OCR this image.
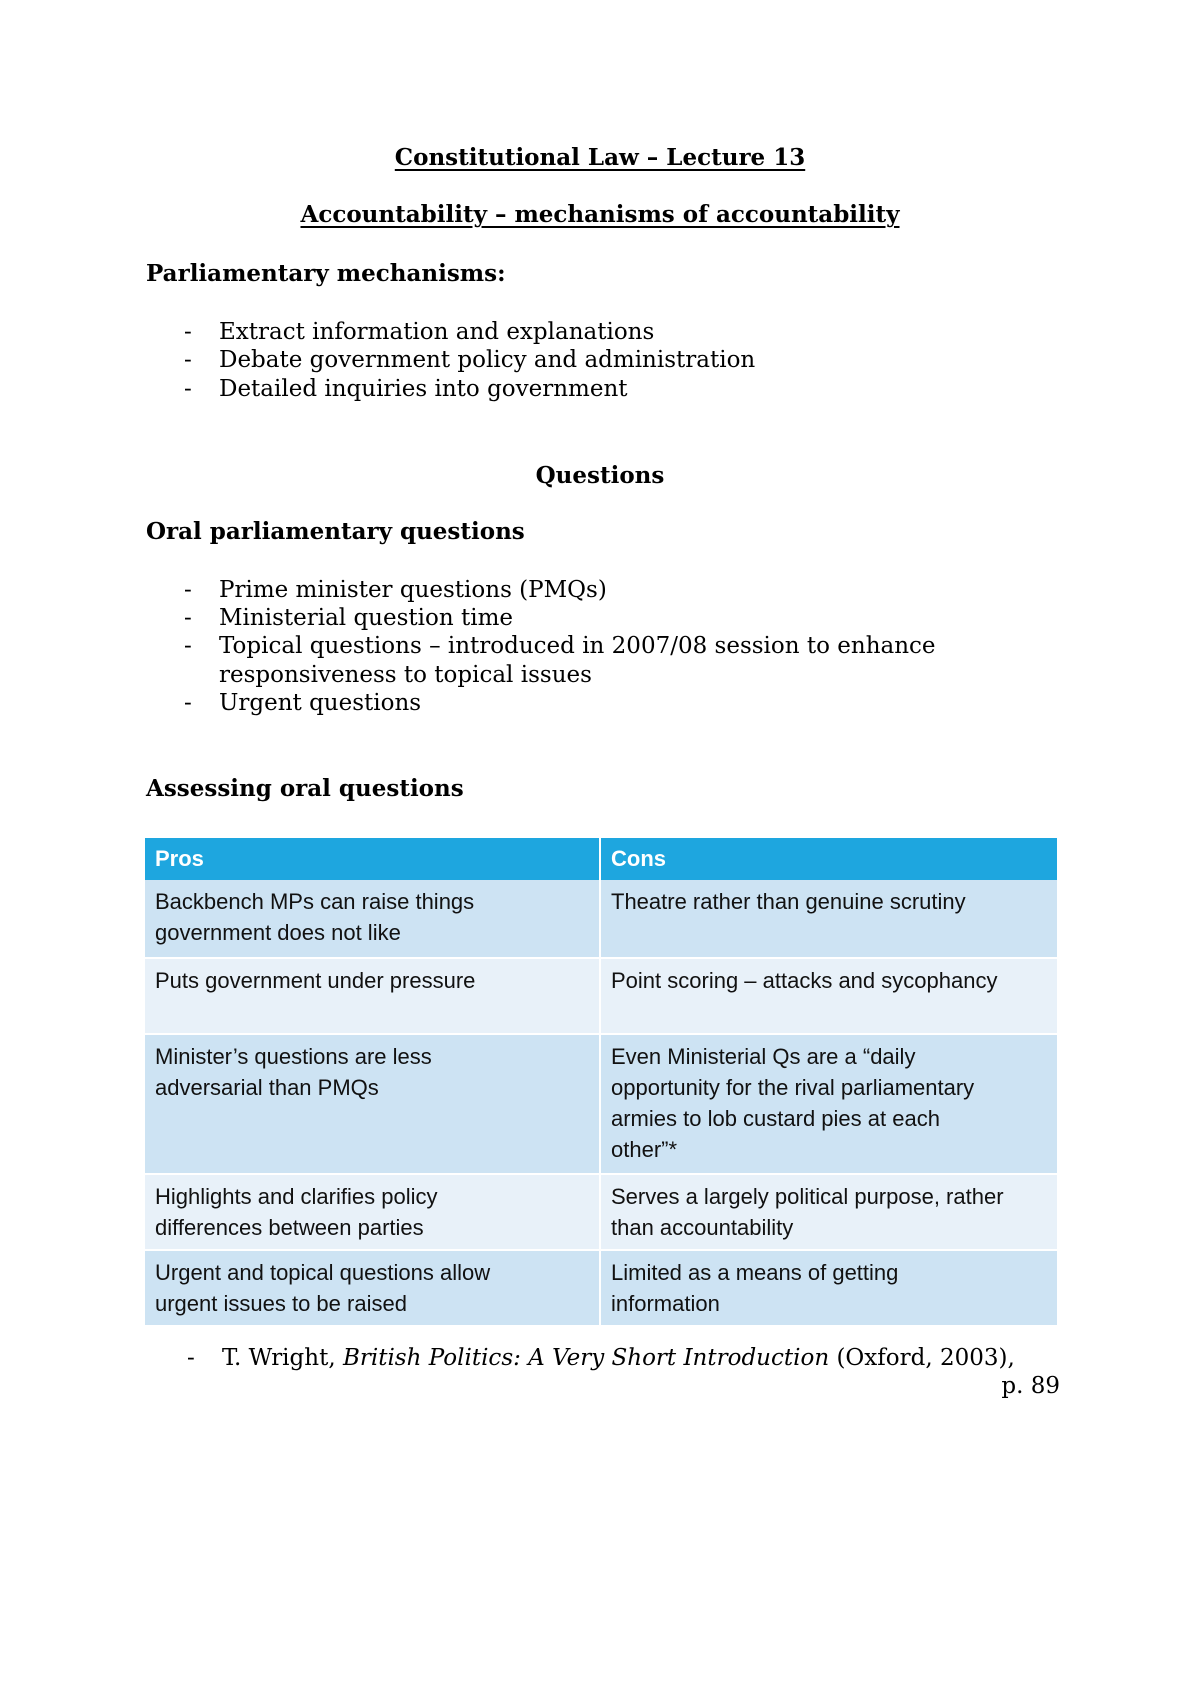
Constitutional Law – Lecture 13
Accountability – mechanisms of accountability
Parliamentary mechanisms:
- Extract information and explanations
- Debate government policy and administration
- Detailed inquiries into government
Questions
Oral parliamentary questions
- Prime minister questions (PMQs)
- Ministerial question time
- Topical questions – introduced in 2007/08 session to enhance
responsiveness to topical issues
- Urgent questions
Assessing oral questions
Pros	Cons
Backbench MPs can raise things government does not like
Theatre rather than genuine scrutiny
Puts government under pressure	Point scoring – attacks and sycophancy
Minister’s questions are less adversarial than PMQs
Even Ministerial Qs are a “daily opportunity for the rival parliamentary armies to lob custard pies at each other”*
Highlights and clarifies policy differences between parties
Serves a largely political purpose, rather than accountability
Urgent and topical questions allow urgent issues to be raised
Limited as a means of getting information
- T. Wright, British Politics: A Very Short Introduction (Oxford, 2003),
p. 89
